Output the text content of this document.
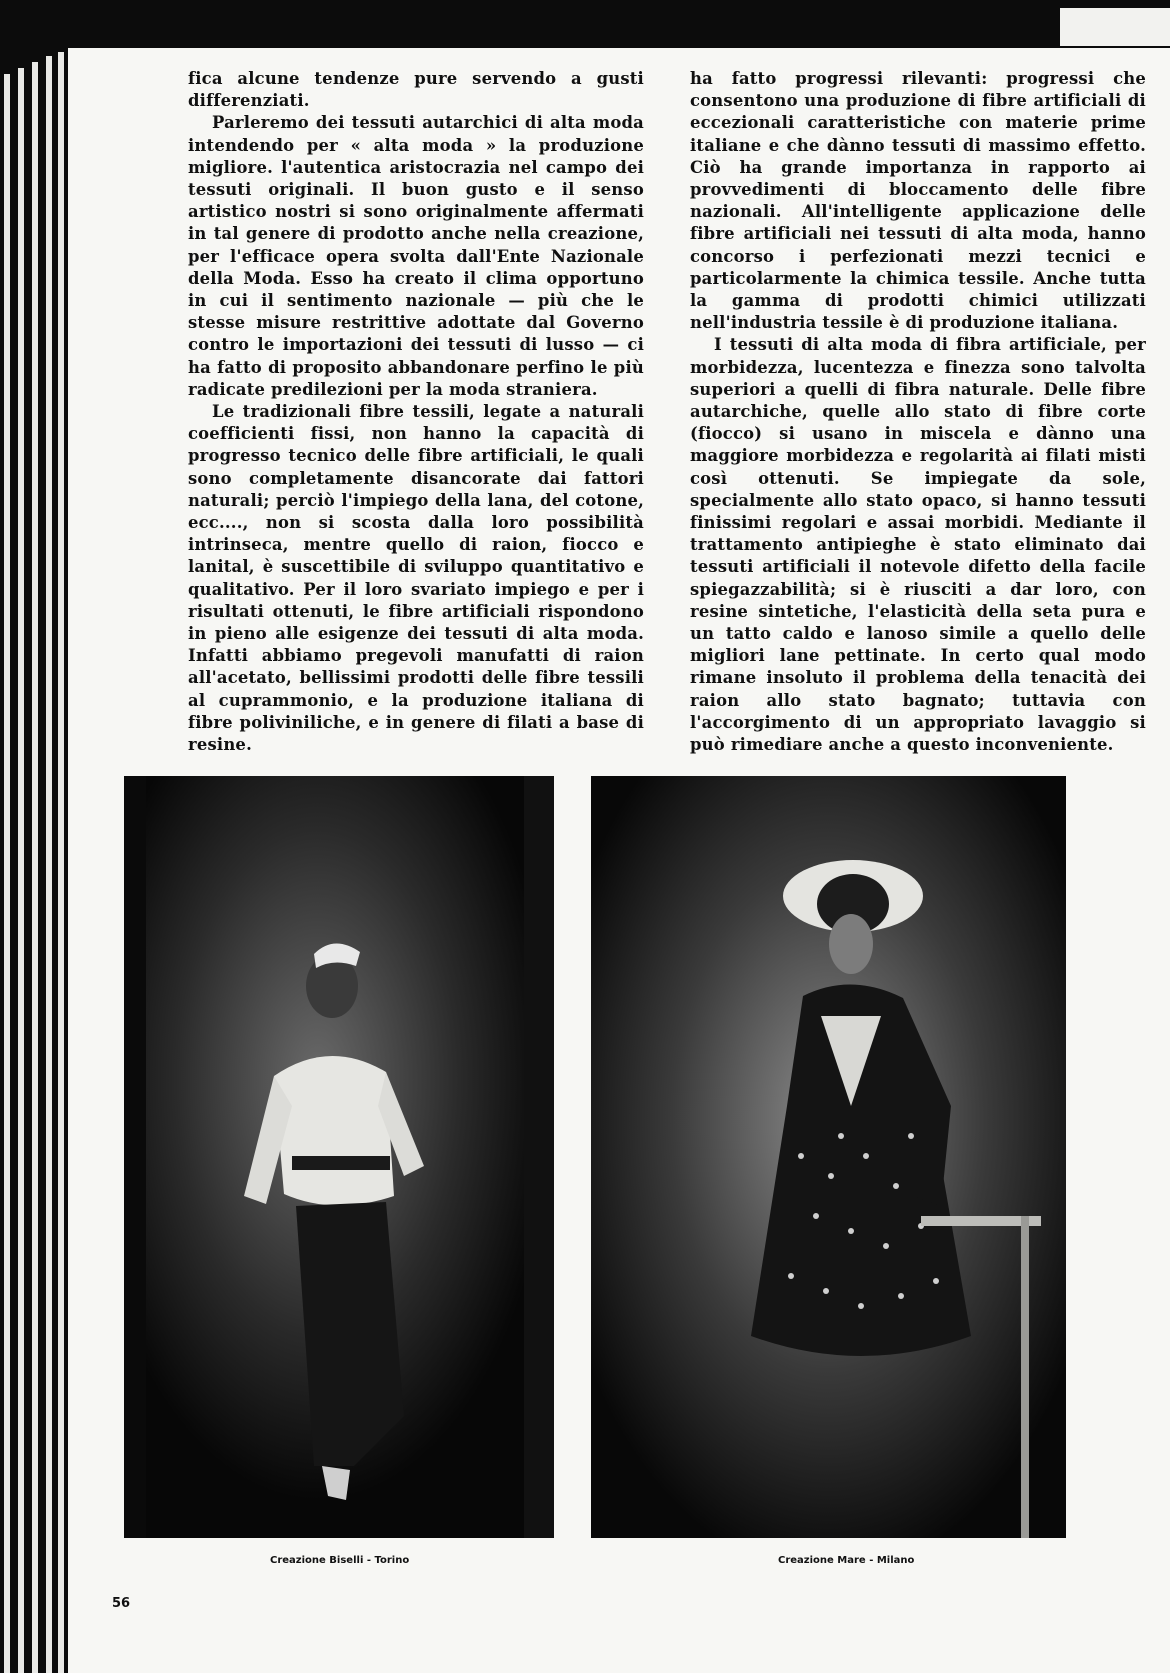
fica alcune tendenze pure servendo a gusti differenziati.

Parleremo dei tessuti autarchici di alta moda intendendo per « alta moda » la produzione migliore. l'autentica aristocrazia nel campo dei tessuti originali. Il buon gusto e il senso artistico nostri si sono originalmente affermati in tal genere di prodotto anche nella creazione, per l'efficace opera svolta dall'Ente Nazionale della Moda. Esso ha creato il clima opportuno in cui il sentimento nazionale — più che le stesse misure restrittive adottate dal Governo contro le importazioni dei tessuti di lusso — ci ha fatto di proposito abbandonare perfino le più radicate predilezioni per la moda straniera.

Le tradizionali fibre tessili, legate a naturali coefficienti fissi, non hanno la capacità di progresso tecnico delle fibre artificiali, le quali sono completamente disancorate dai fattori naturali; perciò l'impiego della lana, del cotone, ecc...., non si scosta dalla loro possibilità intrinseca, mentre quello di raion, fiocco e lanital, è suscettibile di sviluppo quantitativo e qualitativo. Per il loro svariato impiego e per i risultati ottenuti, le fibre artificiali rispondono in pieno alle esigenze dei tessuti di alta moda. Infatti abbiamo pregevoli manufatti di raion all'acetato, bellissimi prodotti delle fibre tessili al cuprammonio, e la produzione italiana di fibre poliviniliche, e in genere di filati a base di resine.

ha fatto progressi rilevanti: progressi che consentono una produzione di fibre artificiali di eccezionali caratteristiche con materie prime italiane e che dànno tessuti di massimo effetto. Ciò ha grande importanza in rapporto ai provvedimenti di bloccamento delle fibre nazionali. All'intelligente applicazione delle fibre artificiali nei tessuti di alta moda, hanno concorso i perfezionati mezzi tecnici e particolarmente la chimica tessile. Anche tutta la gamma di prodotti chimici utilizzati nell'industria tessile è di produzione italiana.

I tessuti di alta moda di fibra artificiale, per morbidezza, lucentezza e finezza sono talvolta superiori a quelli di fibra naturale. Delle fibre autarchiche, quelle allo stato di fibre corte (fiocco) si usano in miscela e dànno una maggiore morbidezza e regolarità ai filati misti così ottenuti. Se impiegate da sole, specialmente allo stato opaco, si hanno tessuti finissimi regolari e assai morbidi. Mediante il trattamento antipieghe è stato eliminato dai tessuti artificiali il notevole difetto della facile spiegazzabilità; si è riusciti a dar loro, con resine sintetiche, l'elasticità della seta pura e un tatto caldo e lanoso simile a quello delle migliori lane pettinate. In certo qual modo rimane insoluto il problema della tenacità dei raion allo stato bagnato; tuttavia con l'accorgimento di un appropriato lavaggio si può rimediare anche a questo inconveniente.

Creazione Biselli - Torino	Creazione Mare - Milano
56
